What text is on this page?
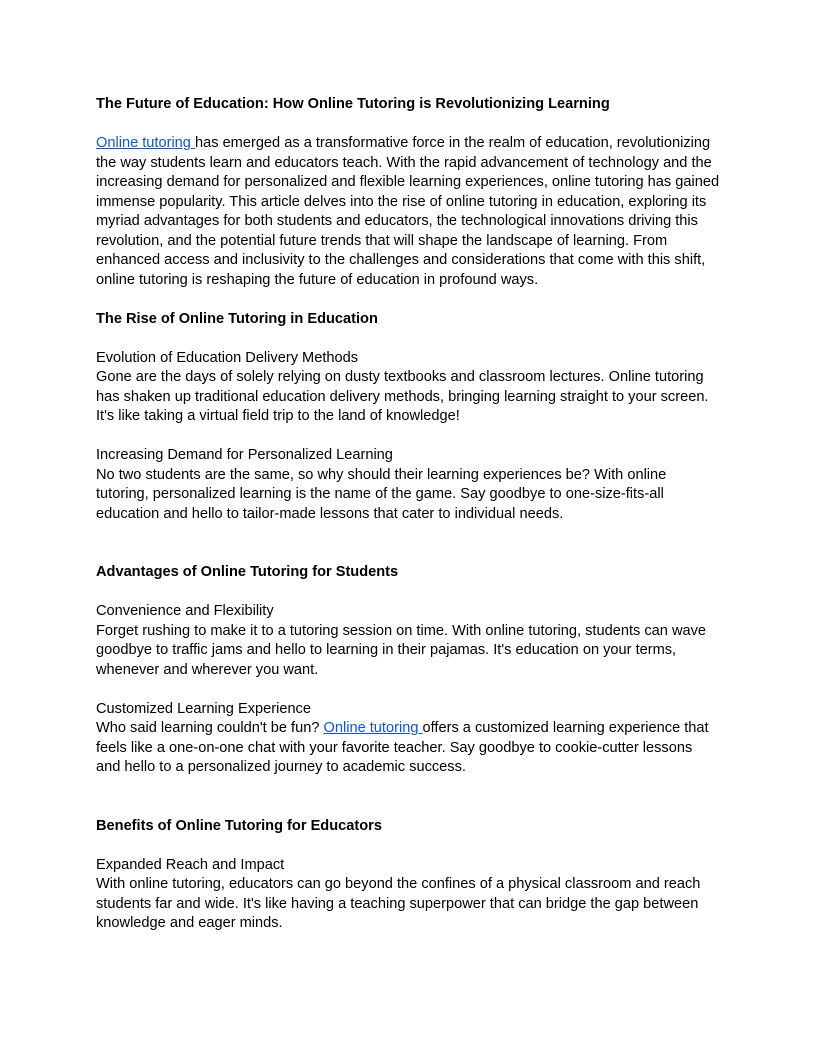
The Future of Education: How Online Tutoring is Revolutionizing Learning

Online tutoring has emerged as a transformative force in the realm of education, revolutionizing the way students learn and educators teach. With the rapid advancement of technology and the increasing demand for personalized and flexible learning experiences, online tutoring has gained immense popularity. This article delves into the rise of online tutoring in education, exploring its myriad advantages for both students and educators, the technological innovations driving this revolution, and the potential future trends that will shape the landscape of learning. From enhanced access and inclusivity to the challenges and considerations that come with this shift, online tutoring is reshaping the future of education in profound ways.

The Rise of Online Tutoring in Education

Evolution of Education Delivery Methods

Gone are the days of solely relying on dusty textbooks and classroom lectures. Online tutoring has shaken up traditional education delivery methods, bringing learning straight to your screen. It's like taking a virtual field trip to the land of knowledge!

Increasing Demand for Personalized Learning

No two students are the same, so why should their learning experiences be? With online tutoring, personalized learning is the name of the game. Say goodbye to one-size-fits-all education and hello to tailor-made lessons that cater to individual needs.

Advantages of Online Tutoring for Students

Convenience and Flexibility

Forget rushing to make it to a tutoring session on time. With online tutoring, students can wave goodbye to traffic jams and hello to learning in their pajamas. It's education on your terms, whenever and wherever you want.

Customized Learning Experience

Who said learning couldn't be fun? Online tutoring offers a customized learning experience that feels like a one-on-one chat with your favorite teacher. Say goodbye to cookie-cutter lessons and hello to a personalized journey to academic success.

Benefits of Online Tutoring for Educators

Expanded Reach and Impact

With online tutoring, educators can go beyond the confines of a physical classroom and reach students far and wide. It's like having a teaching superpower that can bridge the gap between knowledge and eager minds.
